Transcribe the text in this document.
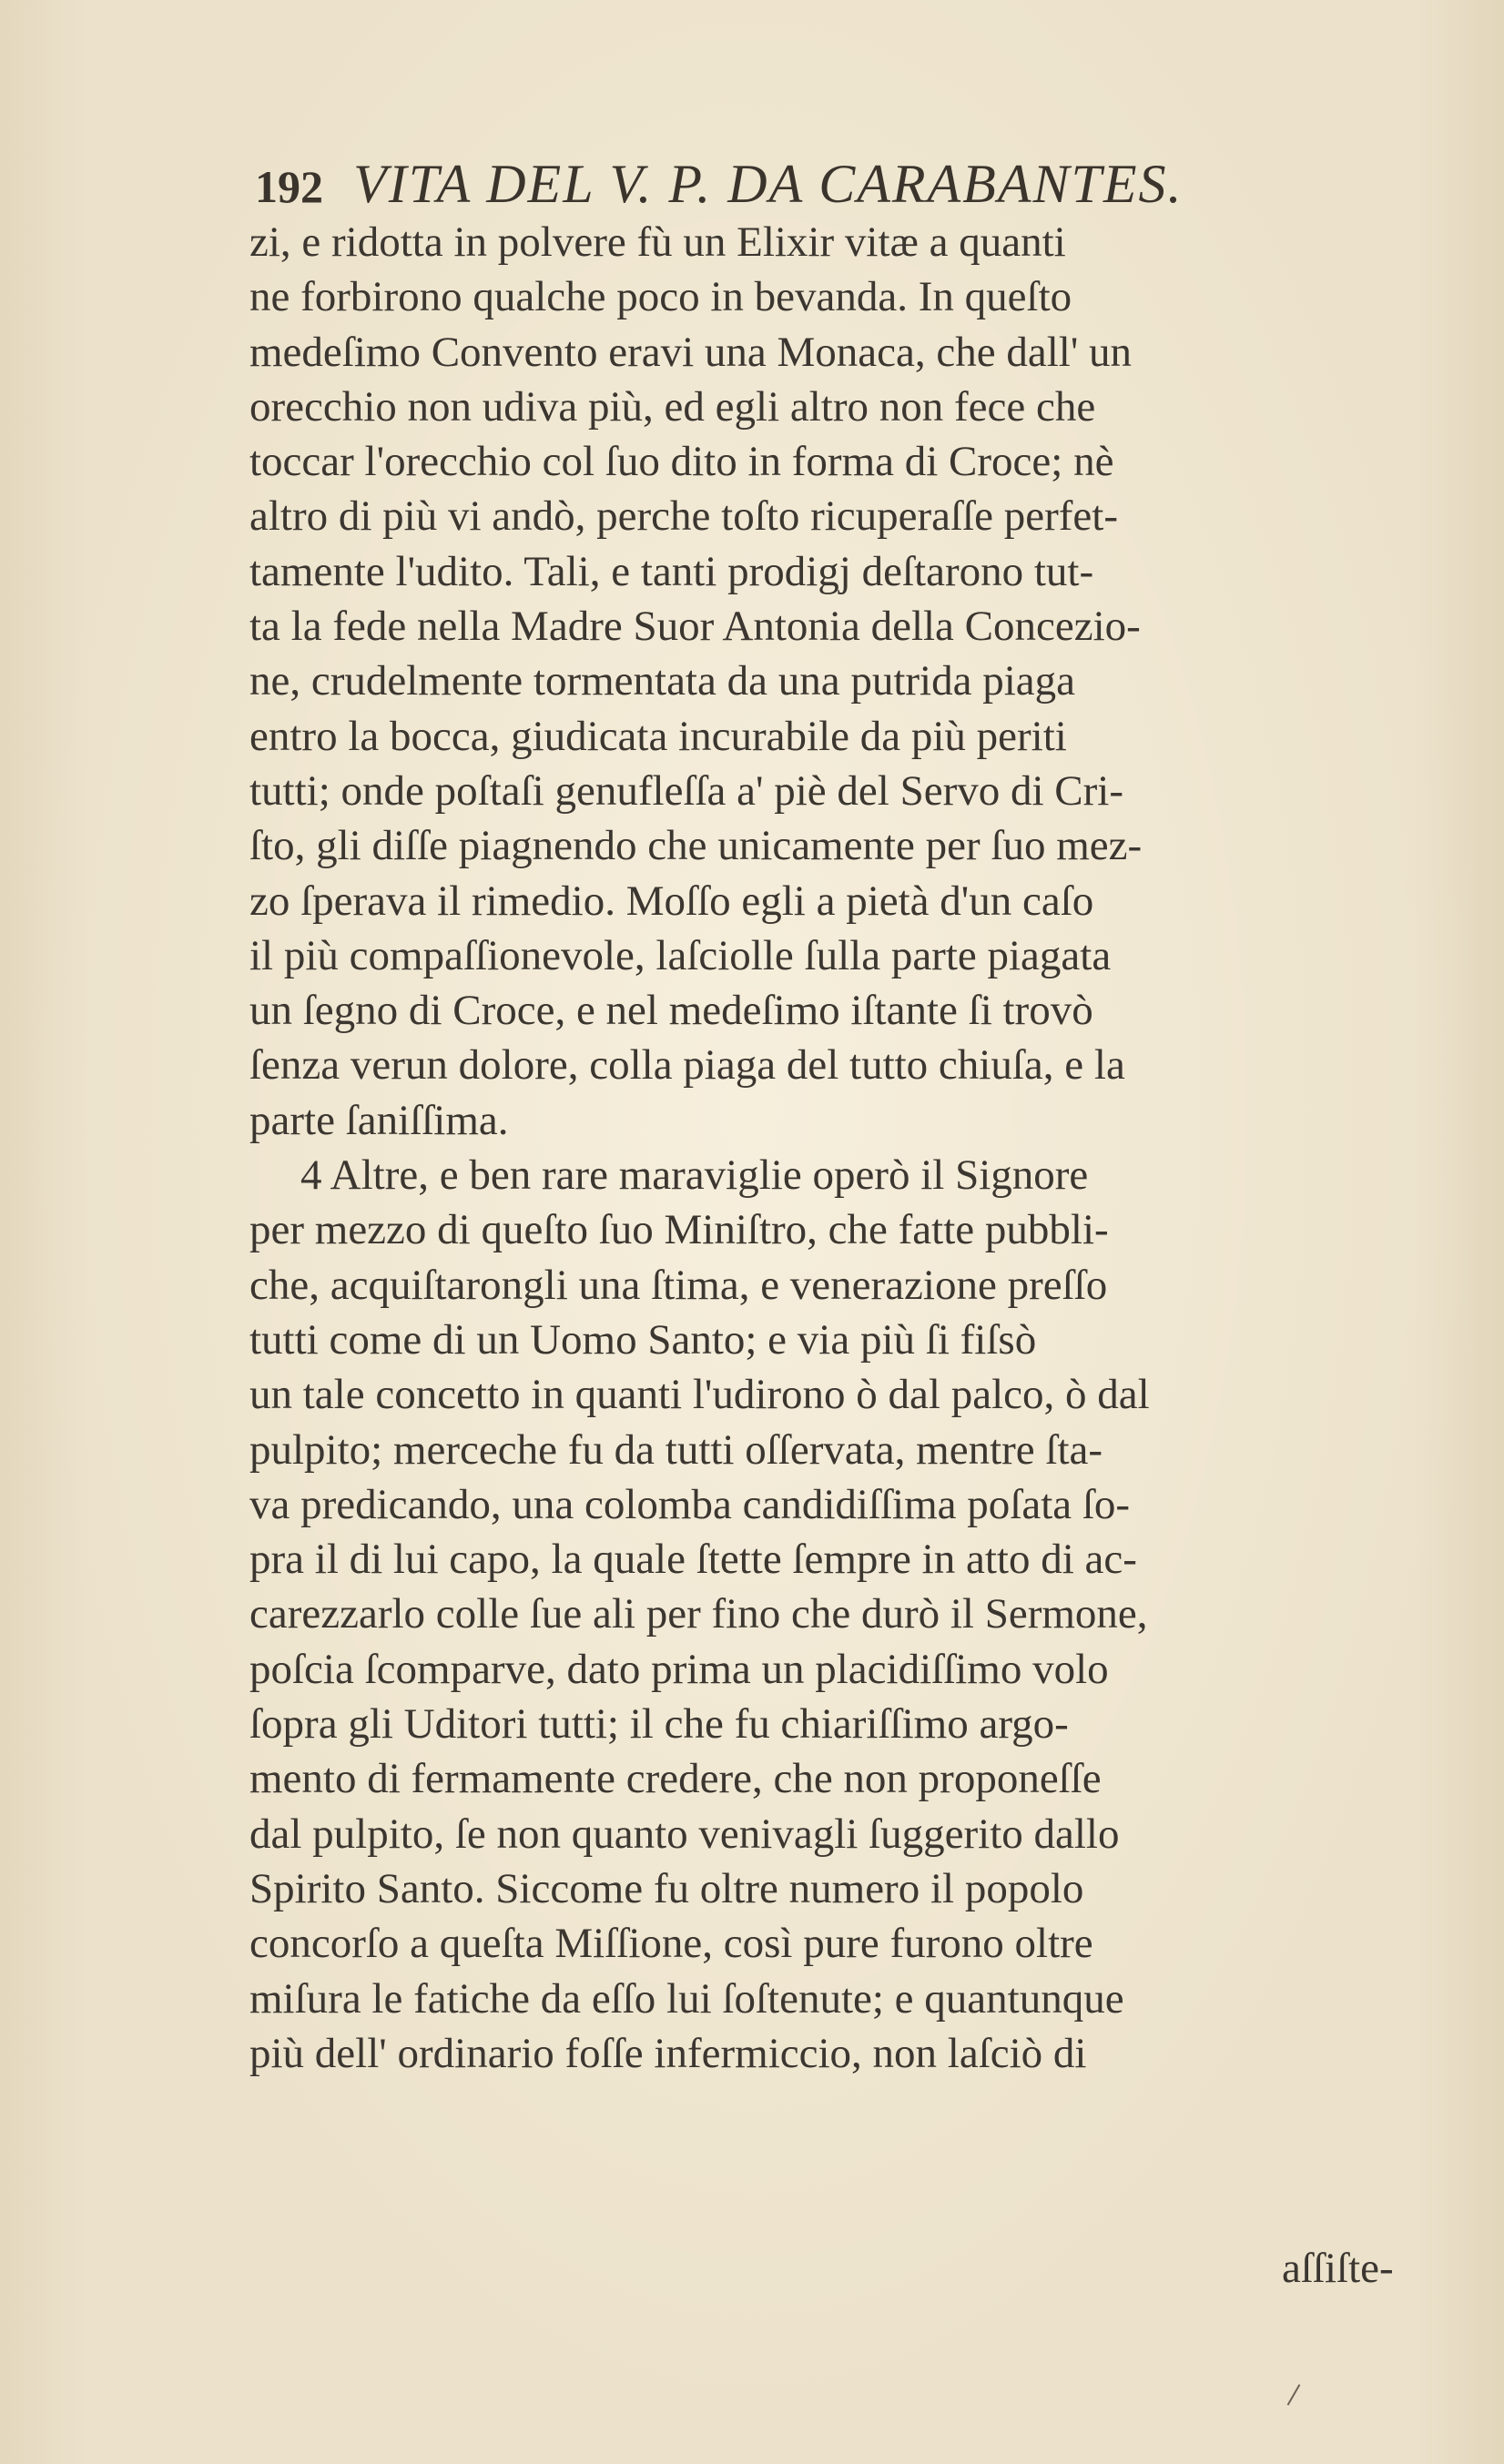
192 VITA DEL V. P. DA CARABANTES.
zi, e ridotta in polvere fù un Elixir vitæ a quanti
ne forbirono qualche poco in bevanda. In queſto
medeſimo Convento eravi una Monaca, che dall' un
orecchio non udiva più, ed egli altro non fece che
toccar l'orecchio col ſuo dito in forma di Croce; nè
altro di più vi andò, perche toſto ricuperaſſe perfet-
tamente l'udito. Tali, e tanti prodigj deſtarono tut-
ta la fede nella Madre Suor Antonia della Concezio-
ne, crudelmente tormentata da una putrida piaga
entro la bocca, giudicata incurabile da più periti
tutti; onde poſtaſi genufleſſa a' piè del Servo di Cri-
ſto, gli diſſe piagnendo che unicamente per ſuo mez-
zo ſperava il rimedio. Moſſo egli a pietà d'un caſo
il più compaſſionevole, laſciolle ſulla parte piagata
un ſegno di Croce, e nel medeſimo iſtante ſi trovò
ſenza verun dolore, colla piaga del tutto chiuſa, e la
parte ſaniſſima.
4 Altre, e ben rare maraviglie operò il Signore
per mezzo di queſto ſuo Miniſtro, che fatte pubbli-
che, acquiſtarongli una ſtima, e venerazione preſſo
tutti come di un Uomo Santo; e via più ſi fiſsò
un tale concetto in quanti l'udirono ò dal palco, ò dal
pulpito; merceche fu da tutti oſſervata, mentre ſta-
va predicando, una colomba candidiſſima poſata ſo-
pra il di lui capo, la quale ſtette ſempre in atto di ac-
carezzarlo colle ſue ali per fino che durò il Sermone,
poſcia ſcomparve, dato prima un placidiſſimo volo
ſopra gli Uditori tutti; il che fu chiariſſimo argo-
mento di fermamente credere, che non proponeſſe
dal pulpito, ſe non quanto venivagli ſuggerito dallo
Spirito Santo. Siccome fu oltre numero il popolo
concorſo a queſta Miſſione, così pure furono oltre
miſura le fatiche da eſſo lui ſoſtenute; e quantunque
più dell' ordinario foſſe infermiccio, non laſciò di
aſſiſte-
